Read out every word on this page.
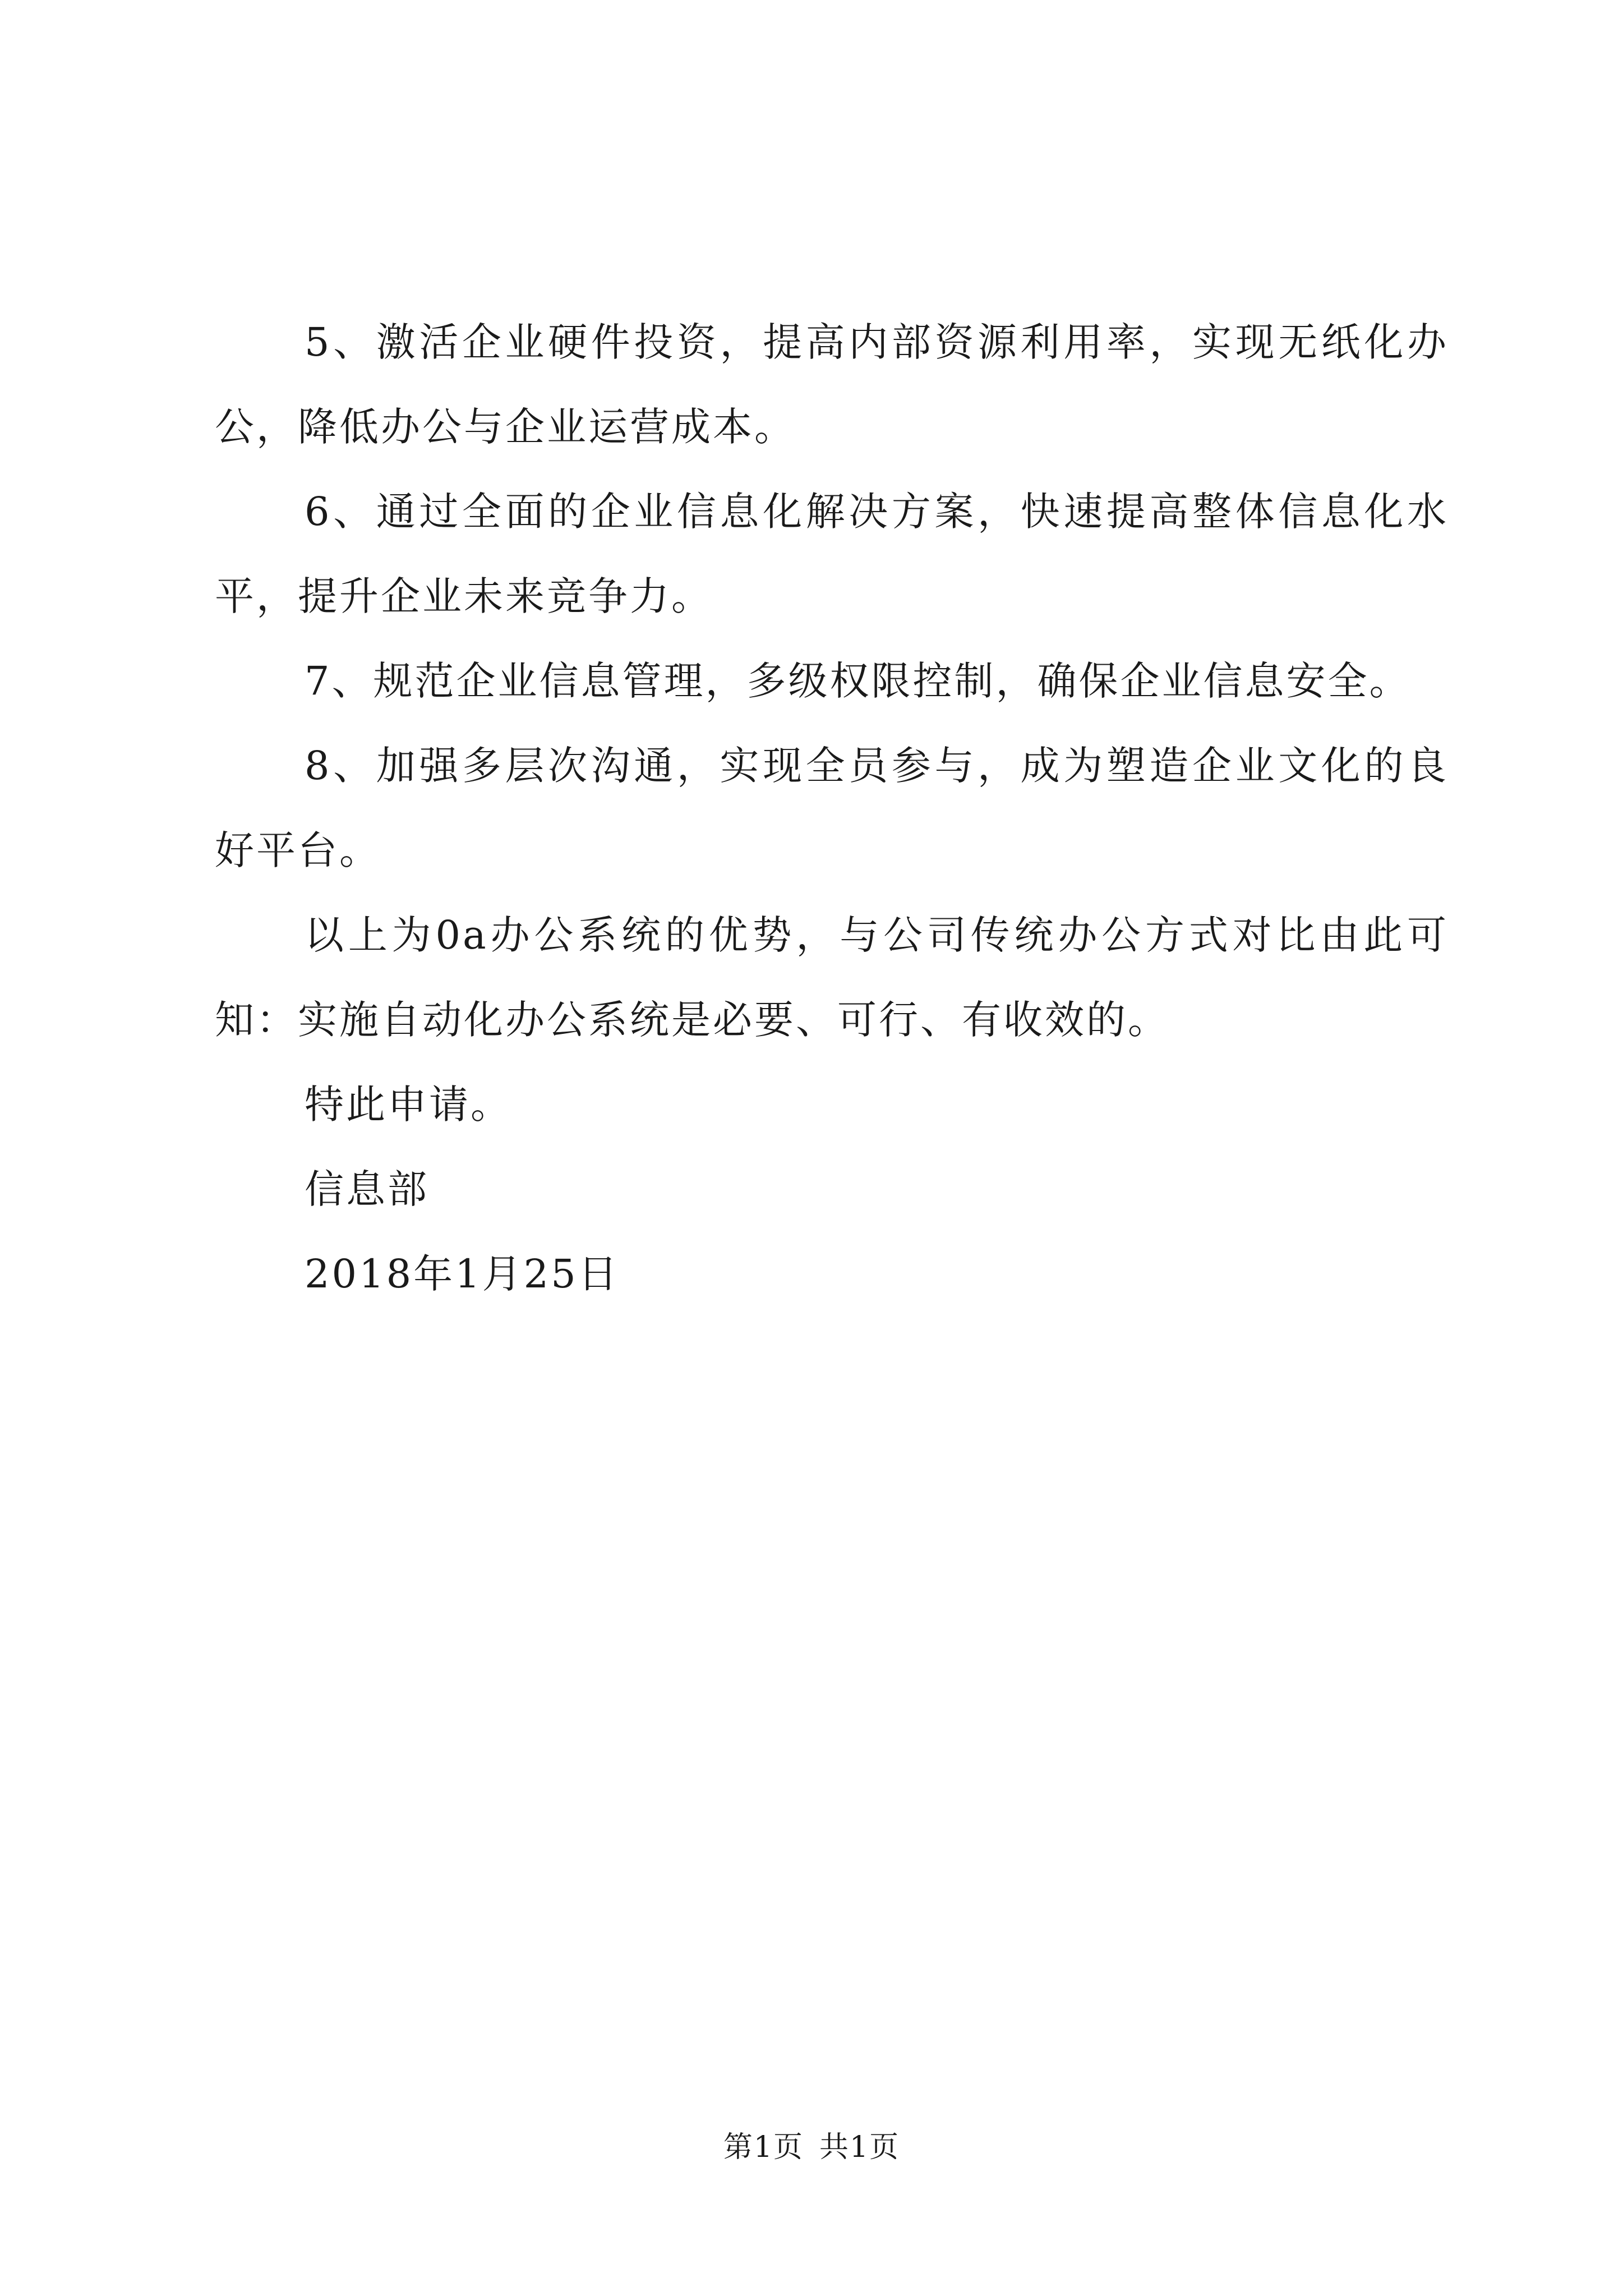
5、激活企业硬件投资，提高内部资源利用率，实现无纸化办公，降低办公与企业运营成本。

6、通过全面的企业信息化解决方案，快速提高整体信息化水平，提升企业未来竞争力。

7、规范企业信息管理，多级权限控制，确保企业信息安全。

8、加强多层次沟通，实现全员参与，成为塑造企业文化的良好平台。

以上为0a办公系统的优势，与公司传统办公方式对比由此可知：实施自动化办公系统是必要、可行、有收效的。

特此申请。

信息部

2018年1月25日

第1页 共1页
